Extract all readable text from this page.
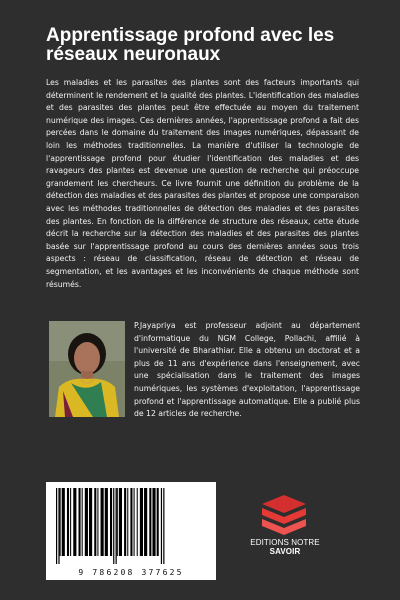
Apprentissage profond avec les réseaux neuronaux

Les maladies et les parasites des plantes sont des facteurs importants qui déterminent le rendement et la qualité des plantes. L'identification des maladies et des parasites des plantes peut être effectuée au moyen du traitement numérique des images. Ces dernières années, l'apprentissage profond a fait des percées dans le domaine du traitement des images numériques, dépassant de loin les méthodes traditionnelles. La manière d'utiliser la technologie de l'apprentissage profond pour étudier l'identification des maladies et des ravageurs des plantes est devenue une question de recherche qui préoccupe grandement les chercheurs. Ce livre fournit une définition du problème de la détection des maladies et des parasites des plantes et propose une comparaison avec les méthodes traditionnelles de détection des maladies et des parasites des plantes. En fonction de la différence de structure des réseaux, cette étude décrit la recherche sur la détection des maladies et des parasites des plantes basée sur l'apprentissage profond au cours des dernières années sous trois aspects : réseau de classification, réseau de détection et réseau de segmentation, et les avantages et les inconvénients de chaque méthode sont résumés.

P.Jayapriya est professeur adjoint au département d'informatique du NGM College, Pollachi, affilié à l'université de Bharathiar. Elle a obtenu un doctorat et a plus de 11 ans d'expérience dans l'enseignement, avec une spécialisation dans le traitement des images numériques, les systèmes d'exploitation, l'apprentissage profond et l'apprentissage automatique. Elle a publié plus de 12 articles de recherche.

9 786208 377625
EDITIONS NOTRE SAVOIR
